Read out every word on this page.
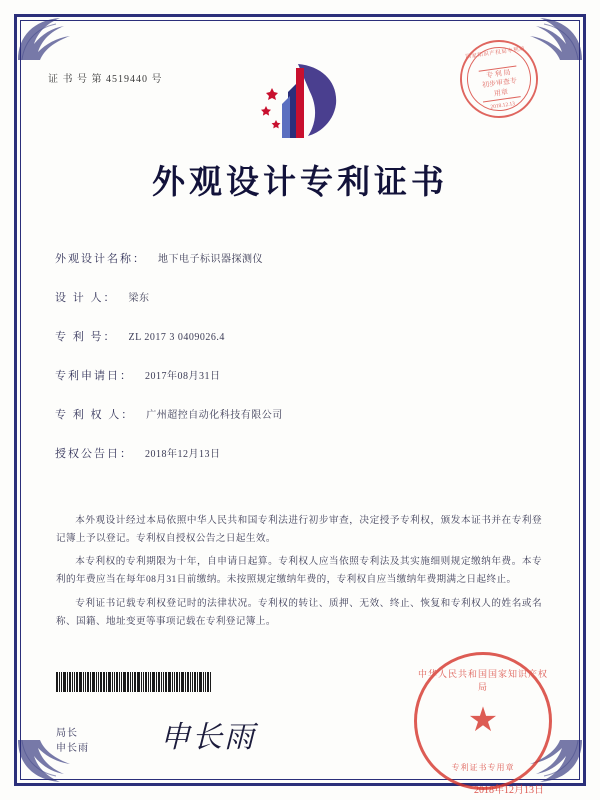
证 书 号 第 4519440 号
国家知识产权局专利局
专 利 局
初步审查专用章
2018.12.13
外观设计专利证书
外观设计名称： 地下电子标识器探测仪
设 计 人： 梁东
专 利 号： ZL 2017 3 0409026.4
专利申请日： 2017年08月31日
专 利 权 人： 广州超控自动化科技有限公司
授权公告日： 2018年12月13日

本外观设计经过本局依照中华人民共和国专利法进行初步审查，决定授予专利权，颁发本证书并在专利登记簿上予以登记。专利权自授权公告之日起生效。

本专利权的专利期限为十年，自申请日起算。专利权人应当依照专利法及其实施细则规定缴纳年费。本专利的年费应当在每年08月31日前缴纳。未按照规定缴纳年费的，专利权自应当缴纳年费期满之日起终止。

专利证书记载专利权登记时的法律状况。专利权的转让、质押、无效、终止、恢复和专利权人的姓名或名称、国籍、地址变更等事项记载在专利登记簿上。

局长
申长雨 申长雨
中华人民共和国国家知识产权局
★
专利证书专用章
2018年12月13日
